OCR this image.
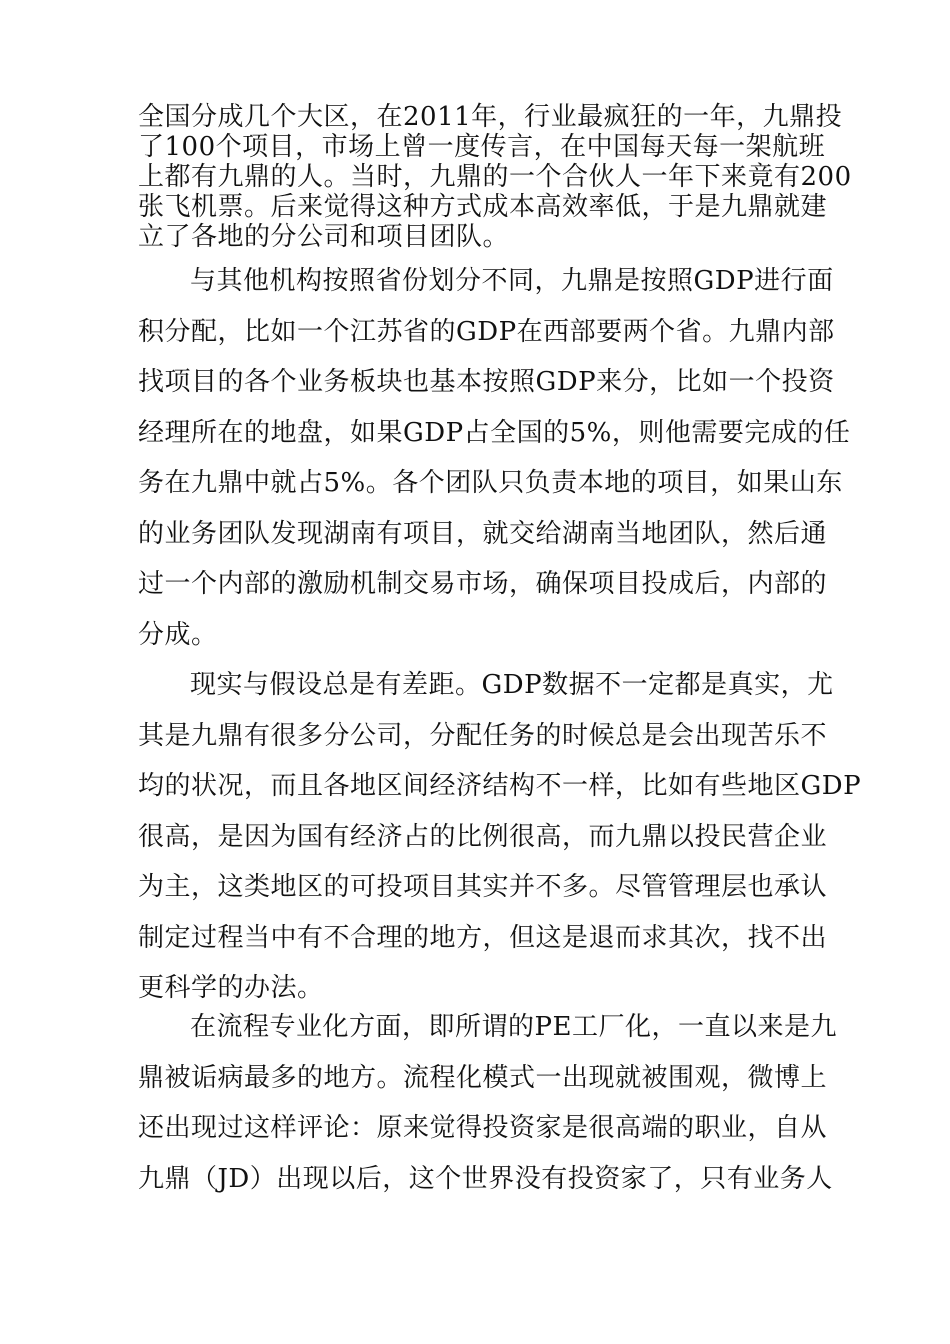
全国分成几个大区，在2011年，行业最疯狂的一年，九鼎投
了100个项目，市场上曾一度传言，在中国每天每一架航班
上都有九鼎的人。当时，九鼎的一个合伙人一年下来竟有200
张飞机票。后来觉得这种方式成本高效率低，于是九鼎就建
立了各地的分公司和项目团队。

与其他机构按照省份划分不同，九鼎是按照GDP进行面
积分配，比如一个江苏省的GDP在西部要两个省。九鼎内部
找项目的各个业务板块也基本按照GDP来分，比如一个投资
经理所在的地盘，如果GDP占全国的5%，则他需要完成的任
务在九鼎中就占5%。各个团队只负责本地的项目，如果山东
的业务团队发现湖南有项目，就交给湖南当地团队，然后通
过一个内部的激励机制交易市场，确保项目投成后，内部的
分成。

现实与假设总是有差距。GDP数据不一定都是真实，尤
其是九鼎有很多分公司，分配任务的时候总是会出现苦乐不
均的状况，而且各地区间经济结构不一样，比如有些地区GDP
很高，是因为国有经济占的比例很高，而九鼎以投民营企业
为主，这类地区的可投项目其实并不多。尽管管理层也承认
制定过程当中有不合理的地方，但这是退而求其次，找不出
更科学的办法。

在流程专业化方面，即所谓的PE工厂化，一直以来是九
鼎被诟病最多的地方。流程化模式一出现就被围观，微博上
还出现过这样评论：原来觉得投资家是很高端的职业，自从
九鼎（JD）出现以后，这个世界没有投资家了，只有业务人
